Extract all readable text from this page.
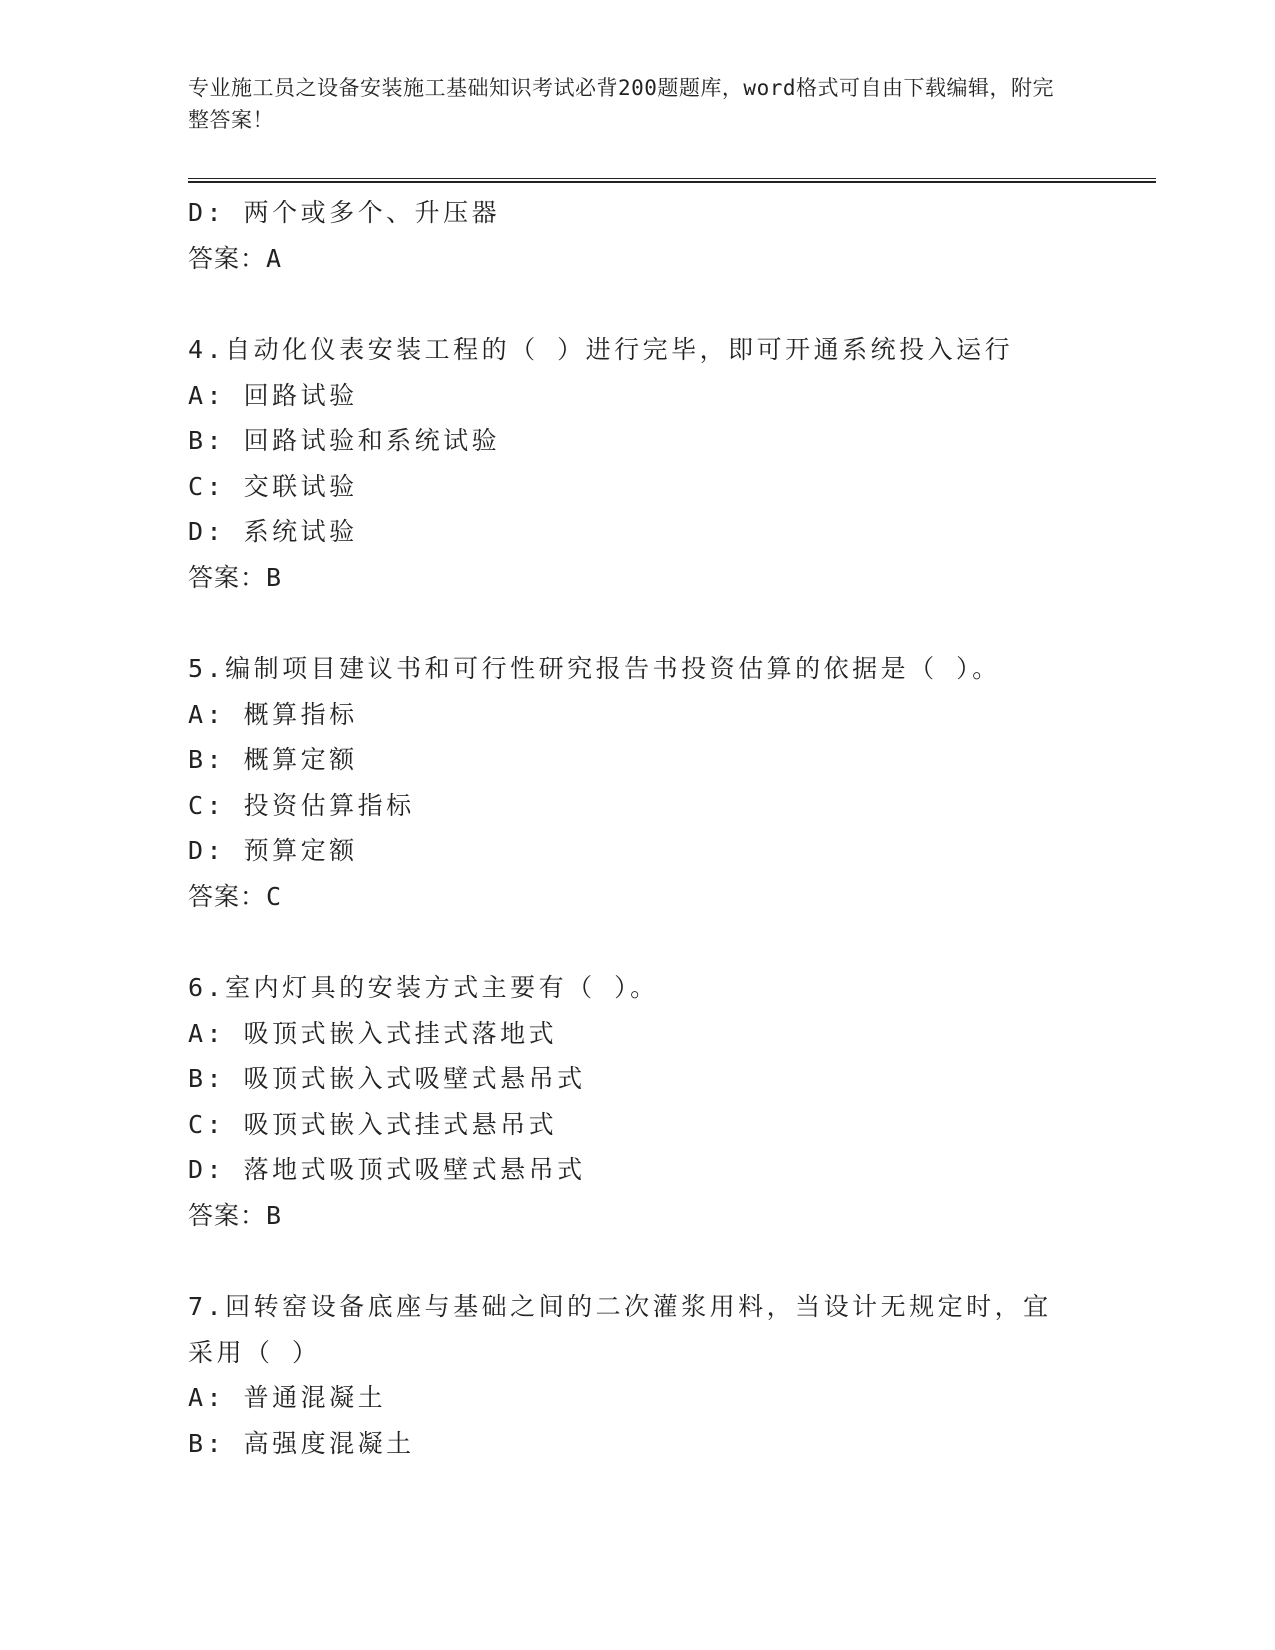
专业施工员之设备安装施工基础知识考试必背200题题库，word格式可自由下载编辑，附完整答案！
D: 两个或多个、升压器
答案：A
4.自动化仪表安装工程的（ ）进行完毕，即可开通系统投入运行
A: 回路试验
B: 回路试验和系统试验
C: 交联试验
D: 系统试验
答案：B
5.编制项目建议书和可行性研究报告书投资估算的依据是（ ）。
A: 概算指标
B: 概算定额
C: 投资估算指标
D: 预算定额
答案：C
6.室内灯具的安装方式主要有（ ）。
A: 吸顶式嵌入式挂式落地式
B: 吸顶式嵌入式吸壁式悬吊式
C: 吸顶式嵌入式挂式悬吊式
D: 落地式吸顶式吸壁式悬吊式
答案：B
7.回转窑设备底座与基础之间的二次灌浆用料，当设计无规定时，宜采用（ ）
A: 普通混凝土
B: 高强度混凝土
